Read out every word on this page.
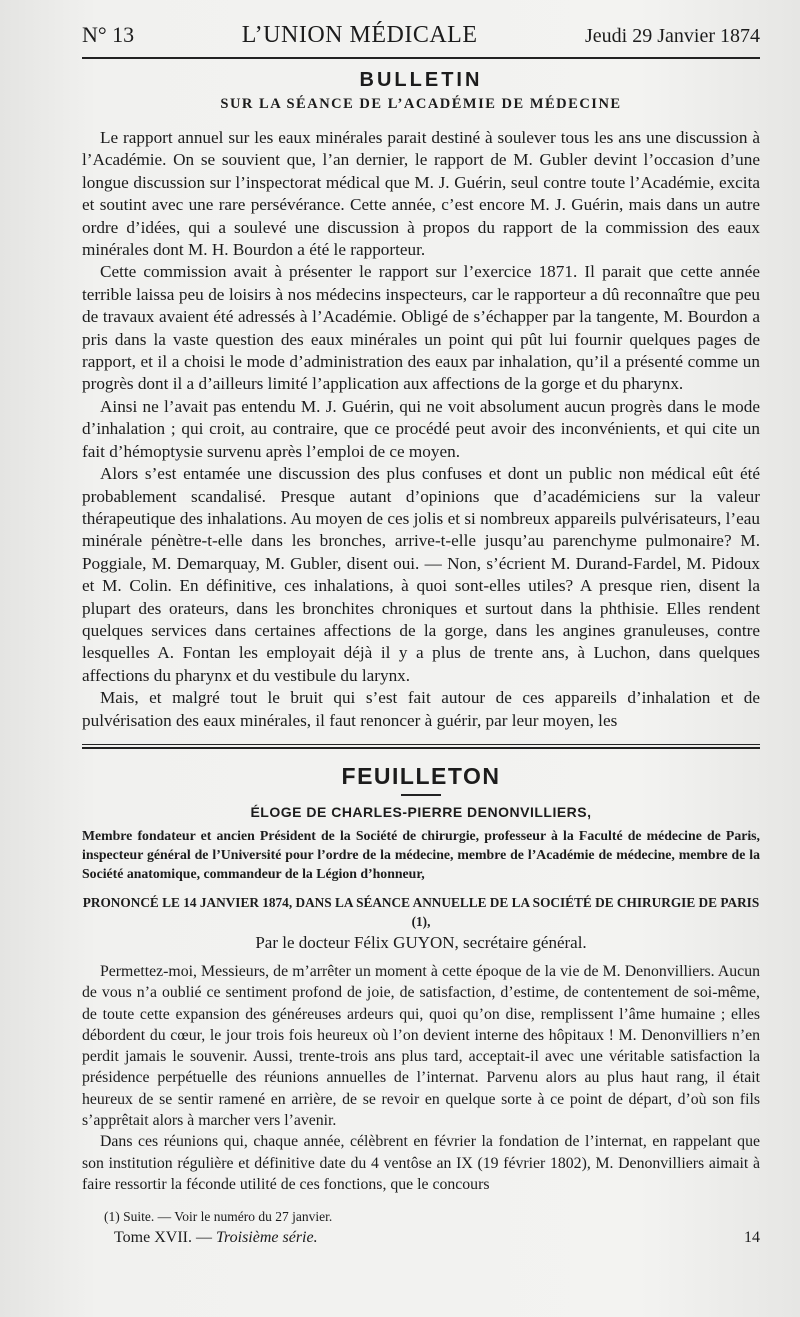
N° 13	L’UNION MÉDICALE	Jeudi 29 Janvier 1874
BULLETIN
SUR LA SÉANCE DE L’ACADÉMIE DE MÉDECINE

Le rapport annuel sur les eaux minérales parait destiné à soulever tous les ans une discussion à l’Académie. On se souvient que, l’an dernier, le rapport de M. Gubler devint l’occasion d’une longue discussion sur l’inspectorat médical que M. J. Guérin, seul contre toute l’Académie, excita et soutint avec une rare persévérance. Cette année, c’est encore M. J. Guérin, mais dans un autre ordre d’idées, qui a soulevé une discussion à propos du rapport de la commission des eaux minérales dont M. H. Bourdon a été le rapporteur.

Cette commission avait à présenter le rapport sur l’exercice 1871. Il parait que cette année terrible laissa peu de loisirs à nos médecins inspecteurs, car le rapporteur a dû reconnaître que peu de travaux avaient été adressés à l’Académie. Obligé de s’échapper par la tangente, M. Bourdon a pris dans la vaste question des eaux minérales un point qui pût lui fournir quelques pages de rapport, et il a choisi le mode d’administration des eaux par inhalation, qu’il a présenté comme un progrès dont il a d’ailleurs limité l’application aux affections de la gorge et du pharynx.

Ainsi ne l’avait pas entendu M. J. Guérin, qui ne voit absolument aucun progrès dans le mode d’inhalation ; qui croit, au contraire, que ce procédé peut avoir des inconvénients, et qui cite un fait d’hémoptysie survenu après l’emploi de ce moyen.

Alors s’est entamée une discussion des plus confuses et dont un public non médical eût été probablement scandalisé. Presque autant d’opinions que d’académiciens sur la valeur thérapeutique des inhalations. Au moyen de ces jolis et si nombreux appareils pulvérisateurs, l’eau minérale pénètre-t-elle dans les bronches, arrive-t-elle jusqu’au parenchyme pulmonaire? M. Poggiale, M. Demarquay, M. Gubler, disent oui. — Non, s’écrient M. Durand-Fardel, M. Pidoux et M. Colin. En définitive, ces inhalations, à quoi sont-elles utiles? A presque rien, disent la plupart des orateurs, dans les bronchites chroniques et surtout dans la phthisie. Elles rendent quelques services dans certaines affections de la gorge, dans les angines granuleuses, contre lesquelles A. Fontan les employait déjà il y a plus de trente ans, à Luchon, dans quelques affections du pharynx et du vestibule du larynx.

Mais, et malgré tout le bruit qui s’est fait autour de ces appareils d’inhalation et de pulvérisation des eaux minérales, il faut renoncer à guérir, par leur moyen, les

FEUILLETON
ÉLOGE DE CHARLES-PIERRE DENONVILLIERS,

Membre fondateur et ancien Président de la Société de chirurgie, professeur à la Faculté de médecine de Paris, inspecteur général de l’Université pour l’ordre de la médecine, membre de l’Académie de médecine, membre de la Société anatomique, commandeur de la Légion d’honneur,

PRONONCÉ LE 14 JANVIER 1874, DANS LA SÉANCE ANNUELLE DE LA SOCIÉTÉ DE CHIRURGIE DE PARIS (1),

Par le docteur Félix GUYON, secrétaire général.

Permettez-moi, Messieurs, de m’arrêter un moment à cette époque de la vie de M. Denonvilliers. Aucun de vous n’a oublié ce sentiment profond de joie, de satisfaction, d’estime, de contentement de soi-même, de toute cette expansion des généreuses ardeurs qui, quoi qu’on dise, remplissent l’âme humaine ; elles débordent du cœur, le jour trois fois heureux où l’on devient interne des hôpitaux ! M. Denonvilliers n’en perdit jamais le souvenir. Aussi, trente-trois ans plus tard, acceptait-il avec une véritable satisfaction la présidence perpétuelle des réunions annuelles de l’internat. Parvenu alors au plus haut rang, il était heureux de se sentir ramené en arrière, de se revoir en quelque sorte à ce point de départ, d’où son fils s’apprêtait alors à marcher vers l’avenir.

Dans ces réunions qui, chaque année, célèbrent en février la fondation de l’internat, en rappelant que son institution régulière et définitive date du 4 ventôse an IX (19 février 1802), M. Denonvilliers aimait à faire ressortir la féconde utilité de ces fonctions, que le concours

(1) Suite. — Voir le numéro du 27 janvier.
Tome XVII. — Troisième série.	14
